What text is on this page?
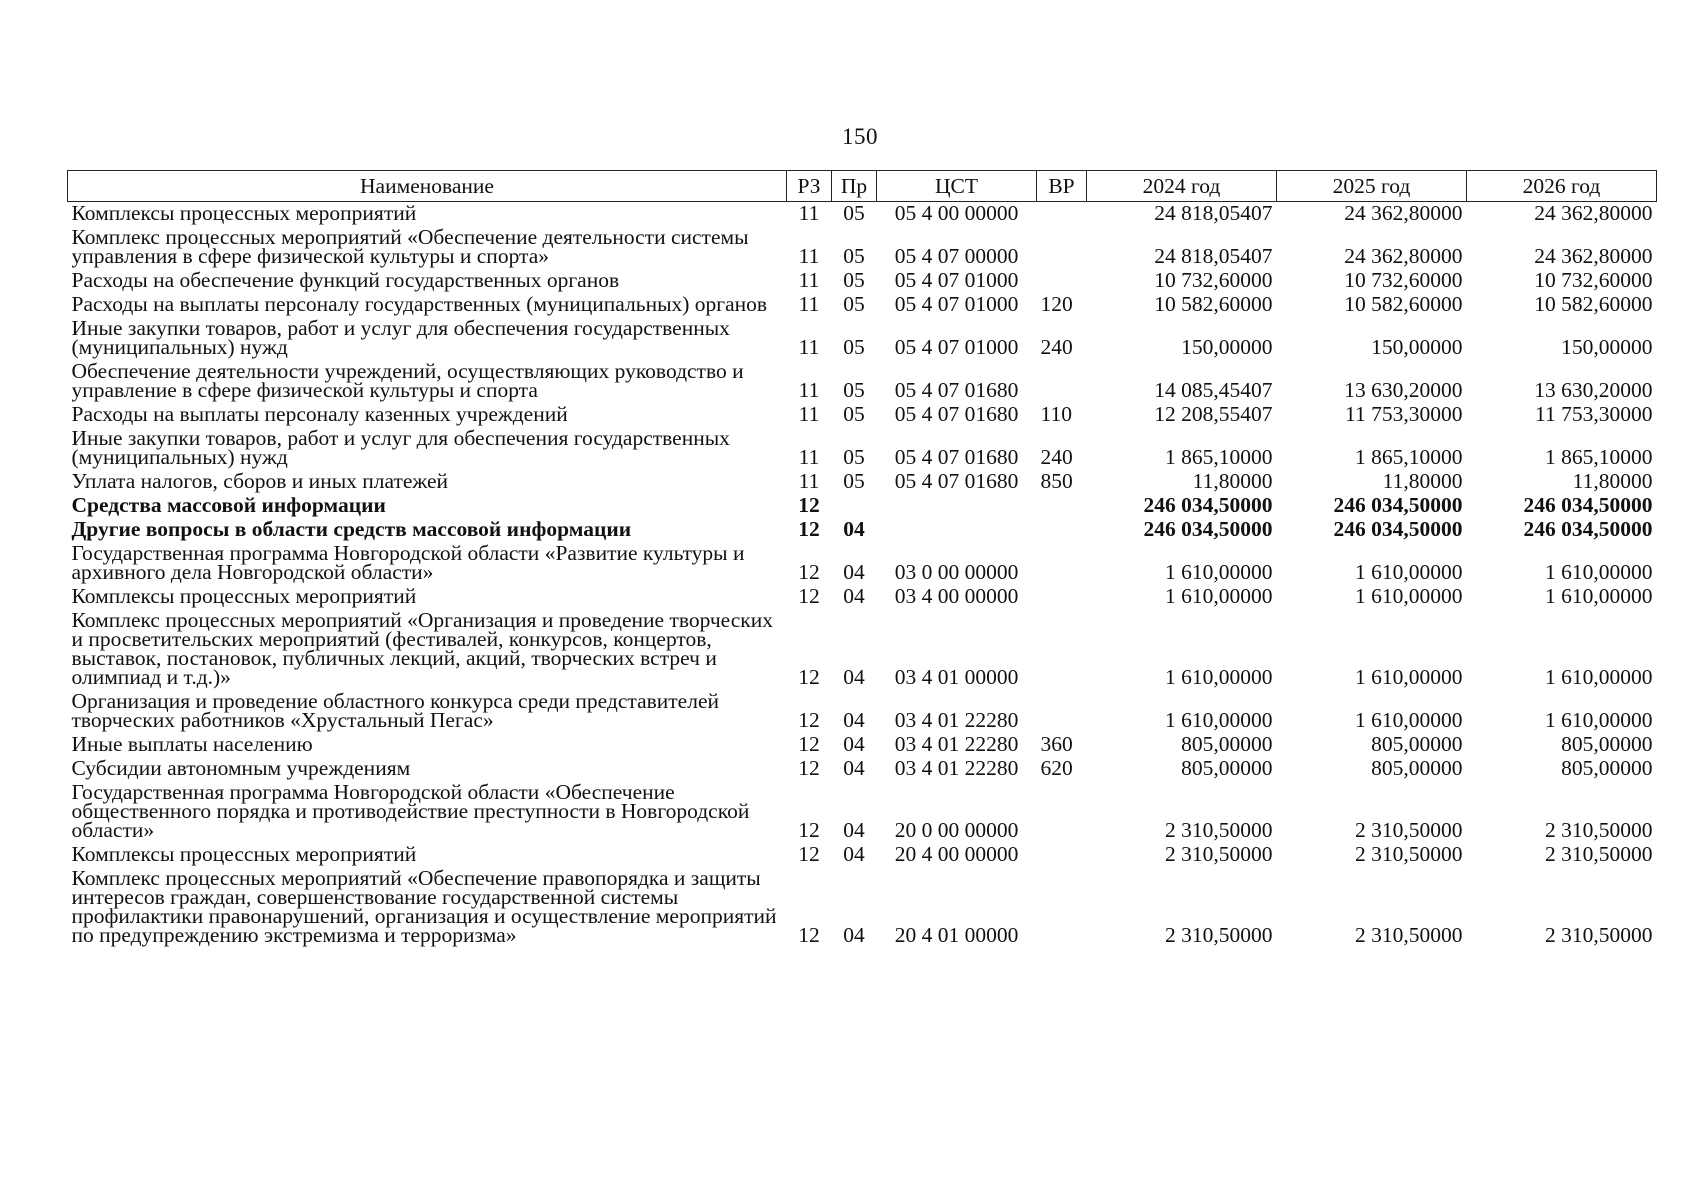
150
Наименование	РЗ	Пр	ЦСТ	ВР	2024 год	2025 год	2026 год
Комплексы процессных мероприятий	11	05	05 4 00 00000		24 818,05407	24 362,80000	24 362,80000
Комплекс процессных мероприятий «Обеспечение деятельности системы управления в сфере физической культуры и спорта»	11	05	05 4 07 00000		24 818,05407	24 362,80000	24 362,80000
Расходы на обеспечение функций государственных органов	11	05	05 4 07 01000		10 732,60000	10 732,60000	10 732,60000
Расходы на выплаты персоналу государственных (муниципальных) органов	11	05	05 4 07 01000	120	10 582,60000	10 582,60000	10 582,60000
Иные закупки товаров, работ и услуг для обеспечения государственных (муниципальных) нужд	11	05	05 4 07 01000	240	150,00000	150,00000	150,00000
Обеспечение деятельности учреждений, осуществляющих руководство и управление в сфере физической культуры и спорта	11	05	05 4 07 01680		14 085,45407	13 630,20000	13 630,20000
Расходы на выплаты персоналу казенных учреждений	11	05	05 4 07 01680	110	12 208,55407	11 753,30000	11 753,30000
Иные закупки товаров, работ и услуг для обеспечения государственных (муниципальных) нужд	11	05	05 4 07 01680	240	1 865,10000	1 865,10000	1 865,10000
Уплата налогов, сборов и иных платежей	11	05	05 4 07 01680	850	11,80000	11,80000	11,80000
Средства массовой информации	12				246 034,50000	246 034,50000	246 034,50000
Другие вопросы в области средств массовой информации	12	04			246 034,50000	246 034,50000	246 034,50000
Государственная программа Новгородской области «Развитие культуры и архивного дела Новгородской области»	12	04	03 0 00 00000		1 610,00000	1 610,00000	1 610,00000
Комплексы процессных мероприятий	12	04	03 4 00 00000		1 610,00000	1 610,00000	1 610,00000
Комплекс процессных мероприятий «Организация и проведение творческих и просветительских мероприятий (фестивалей, конкурсов, концертов, выставок, постановок, публичных лекций, акций, творческих встреч и олимпиад и т.д.)»	12	04	03 4 01 00000		1 610,00000	1 610,00000	1 610,00000
Организация и проведение областного конкурса среди представителей творческих работников «Хрустальный Пегас»	12	04	03 4 01 22280		1 610,00000	1 610,00000	1 610,00000
Иные выплаты населению	12	04	03 4 01 22280	360	805,00000	805,00000	805,00000
Субсидии автономным учреждениям	12	04	03 4 01 22280	620	805,00000	805,00000	805,00000
Государственная программа Новгородской области «Обеспечение общественного порядка и противодействие преступности в Новгородской области»	12	04	20 0 00 00000		2 310,50000	2 310,50000	2 310,50000
Комплексы процессных мероприятий	12	04	20 4 00 00000		2 310,50000	2 310,50000	2 310,50000
Комплекс процессных мероприятий «Обеспечение правопорядка и защиты интересов граждан, совершенствование государственной системы профилактики правонарушений, организация и осуществление мероприятий по предупреждению экстремизма и терроризма»	12	04	20 4 01 00000		2 310,50000	2 310,50000	2 310,50000
